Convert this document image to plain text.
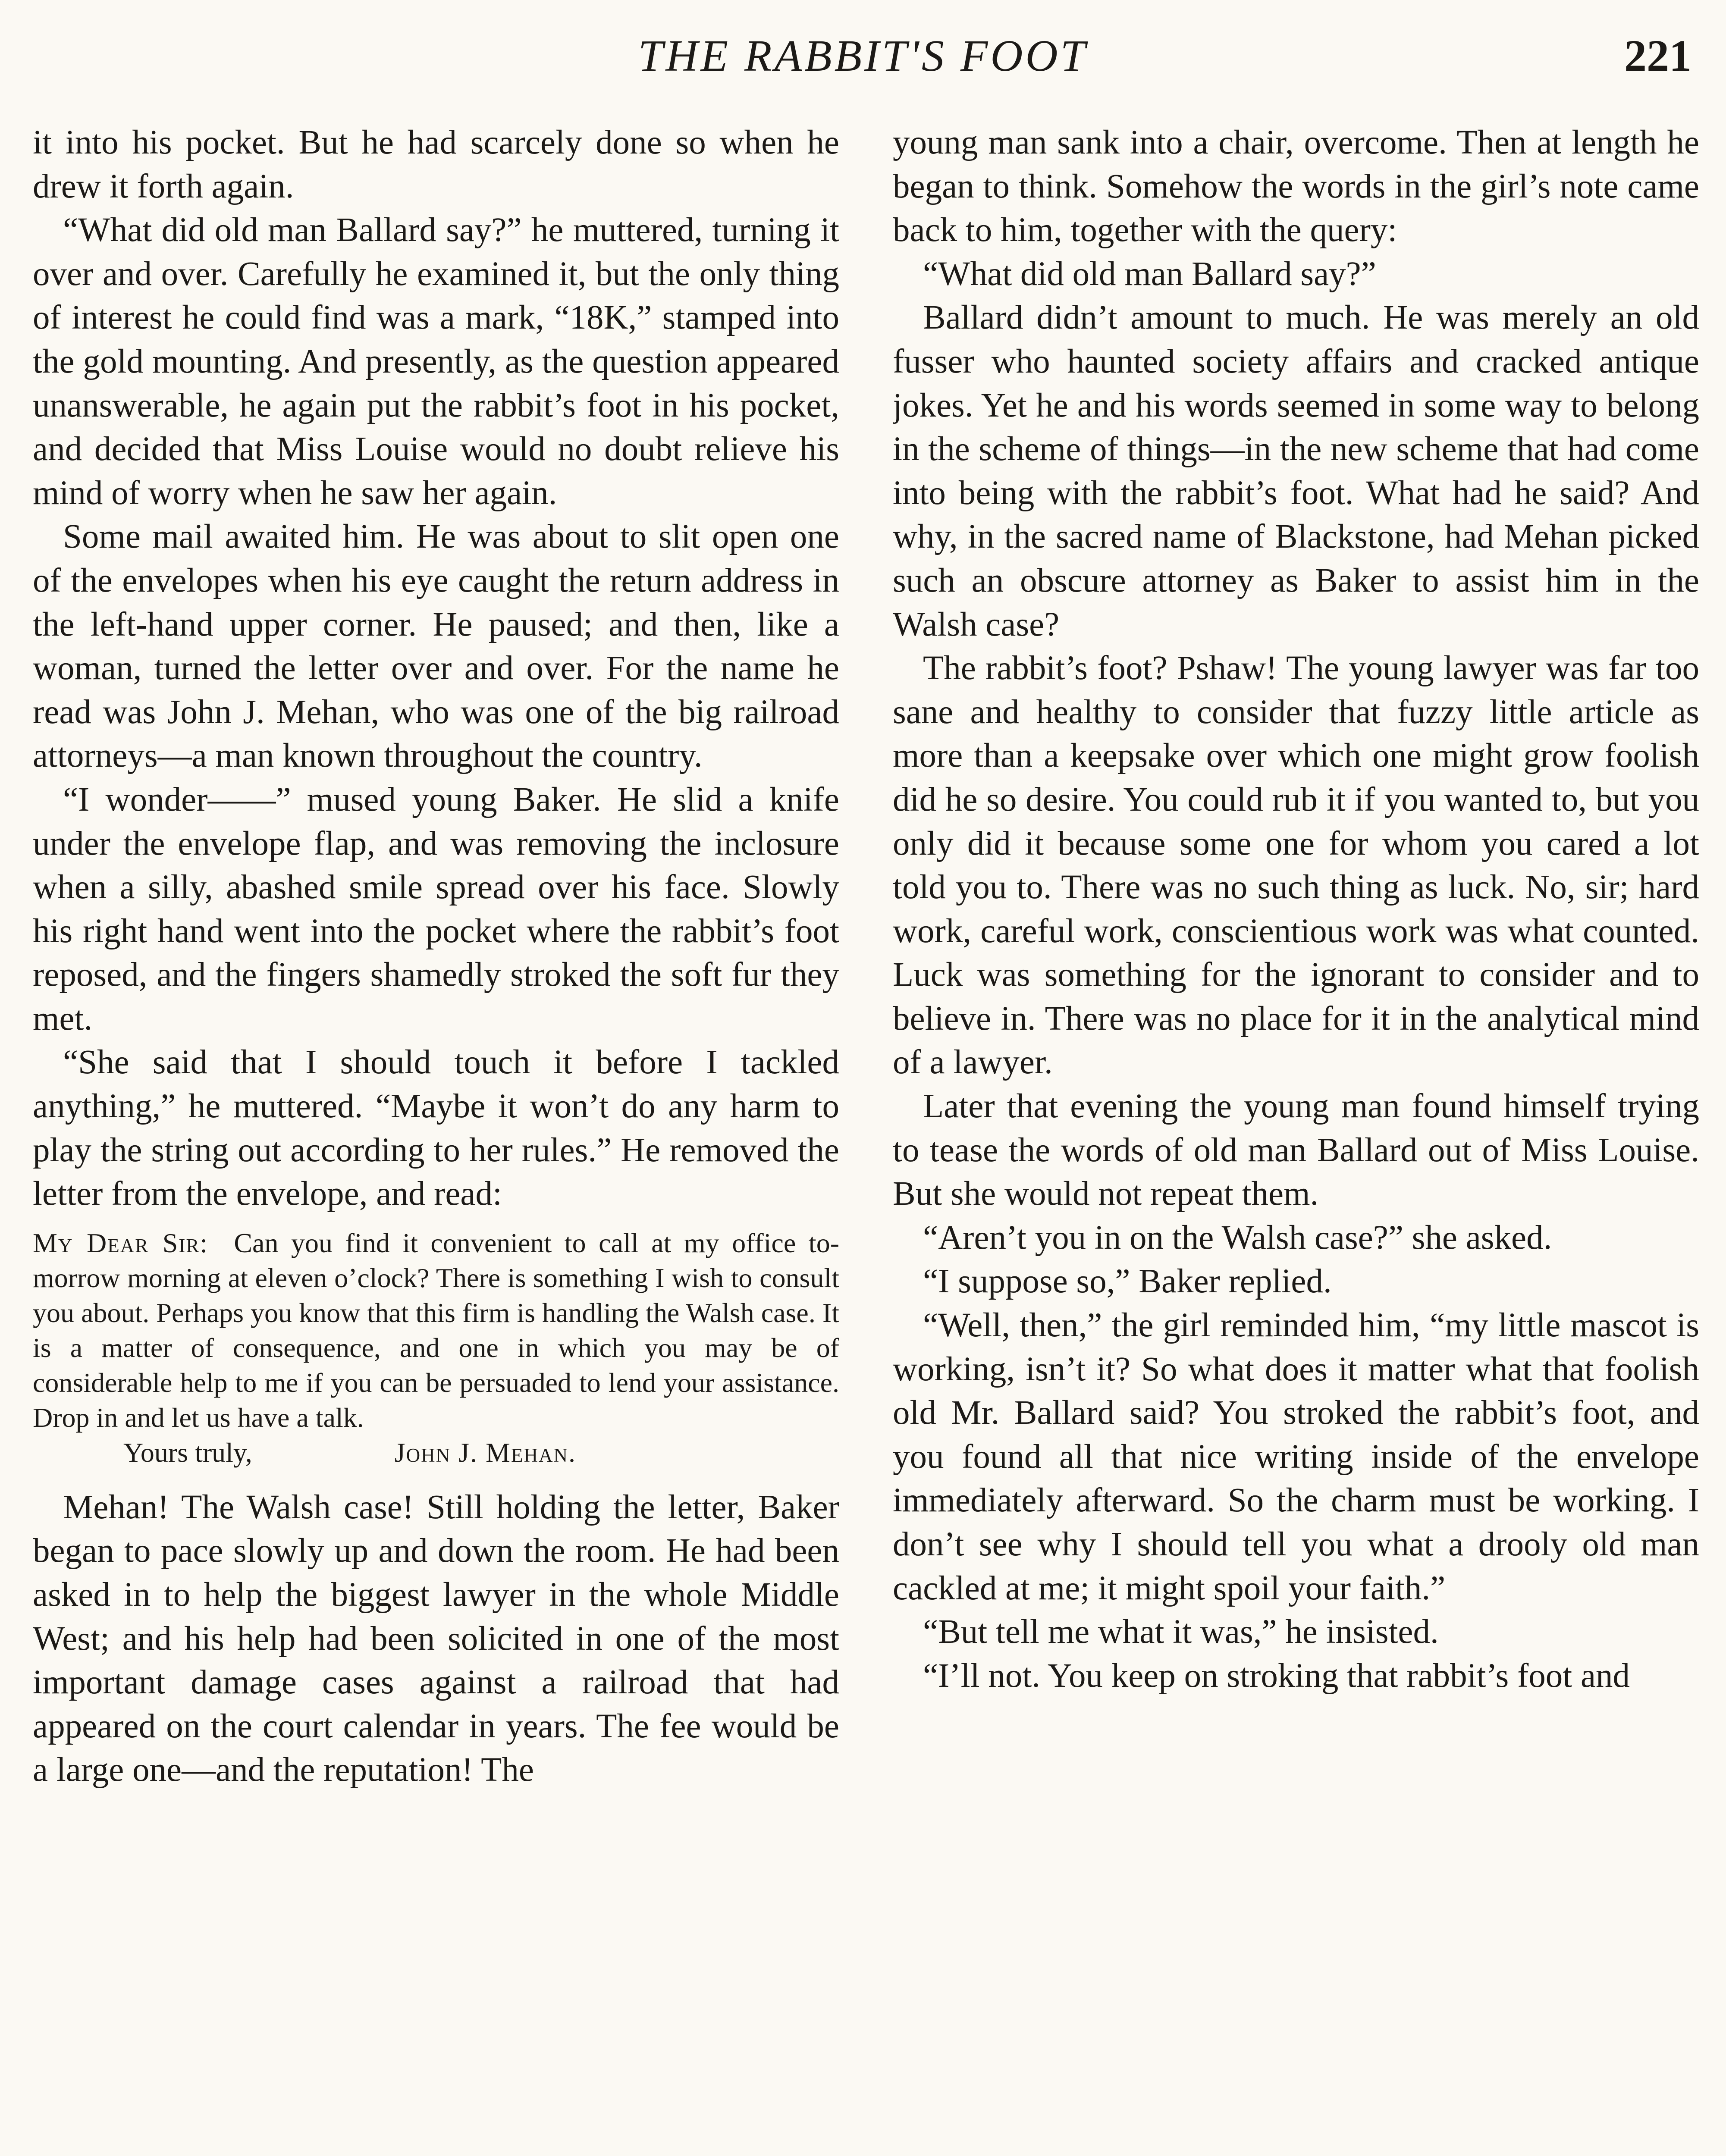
THE RABBIT'S FOOT	221

it into his pocket. But he had scarcely done so when he drew it forth again.

“What did old man Ballard say?” he muttered, turning it over and over. Carefully he examined it, but the only thing of interest he could find was a mark, “18K,” stamped into the gold mounting. And presently, as the question appeared unanswerable, he again put the rabbit’s foot in his pocket, and decided that Miss Louise would no doubt relieve his mind of worry when he saw her again.

Some mail awaited him. He was about to slit open one of the envelopes when his eye caught the return address in the left-hand upper corner. He paused; and then, like a woman, turned the letter over and over. For the name he read was John J. Mehan, who was one of the big railroad attorneys—a man known throughout the country.

“I wonder——” mused young Baker. He slid a knife under the envelope flap, and was removing the inclosure when a silly, abashed smile spread over his face. Slowly his right hand went into the pocket where the rabbit’s foot reposed, and the fingers shamedly stroked the soft fur they met.

“She said that I should touch it before I tackled anything,” he muttered. “Maybe it won’t do any harm to play the string out according to her rules.” He removed the letter from the envelope, and read:

My Dear Sir: Can you find it convenient to call at my office to-morrow morning at eleven o’clock? There is something I wish to consult you about. Perhaps you know that this firm is handling the Walsh case. It is a matter of consequence, and one in which you may be of considerable help to me if you can be persuaded to lend your assistance. Drop in and let us have a talk.

Yours truly,	John J. Mehan.

Mehan! The Walsh case! Still holding the letter, Baker began to pace slowly up and down the room. He had been asked in to help the biggest lawyer in the whole Middle West; and his help had been solicited in one of the most important damage cases against a railroad that had appeared on the court calendar in years. The fee would be a large one—and the reputation! The

young man sank into a chair, overcome. Then at length he began to think. Somehow the words in the girl’s note came back to him, together with the query:

“What did old man Ballard say?”

Ballard didn’t amount to much. He was merely an old fusser who haunted society affairs and cracked antique jokes. Yet he and his words seemed in some way to belong in the scheme of things—in the new scheme that had come into being with the rabbit’s foot. What had he said? And why, in the sacred name of Blackstone, had Mehan picked such an obscure attorney as Baker to assist him in the Walsh case?

The rabbit’s foot? Pshaw! The young lawyer was far too sane and healthy to consider that fuzzy little article as more than a keepsake over which one might grow foolish did he so desire. You could rub it if you wanted to, but you only did it because some one for whom you cared a lot told you to. There was no such thing as luck. No, sir; hard work, careful work, conscientious work was what counted. Luck was something for the ignorant to consider and to believe in. There was no place for it in the analytical mind of a lawyer.

Later that evening the young man found himself trying to tease the words of old man Ballard out of Miss Louise. But she would not repeat them.

“Aren’t you in on the Walsh case?” she asked.

“I suppose so,” Baker replied.

“Well, then,” the girl reminded him, “my little mascot is working, isn’t it? So what does it matter what that foolish old Mr. Ballard said? You stroked the rabbit’s foot, and you found all that nice writing inside of the envelope immediately afterward. So the charm must be working. I don’t see why I should tell you what a drooly old man cackled at me; it might spoil your faith.”

“But tell me what it was,” he insisted.

“I’ll not. You keep on stroking that rabbit’s foot and
